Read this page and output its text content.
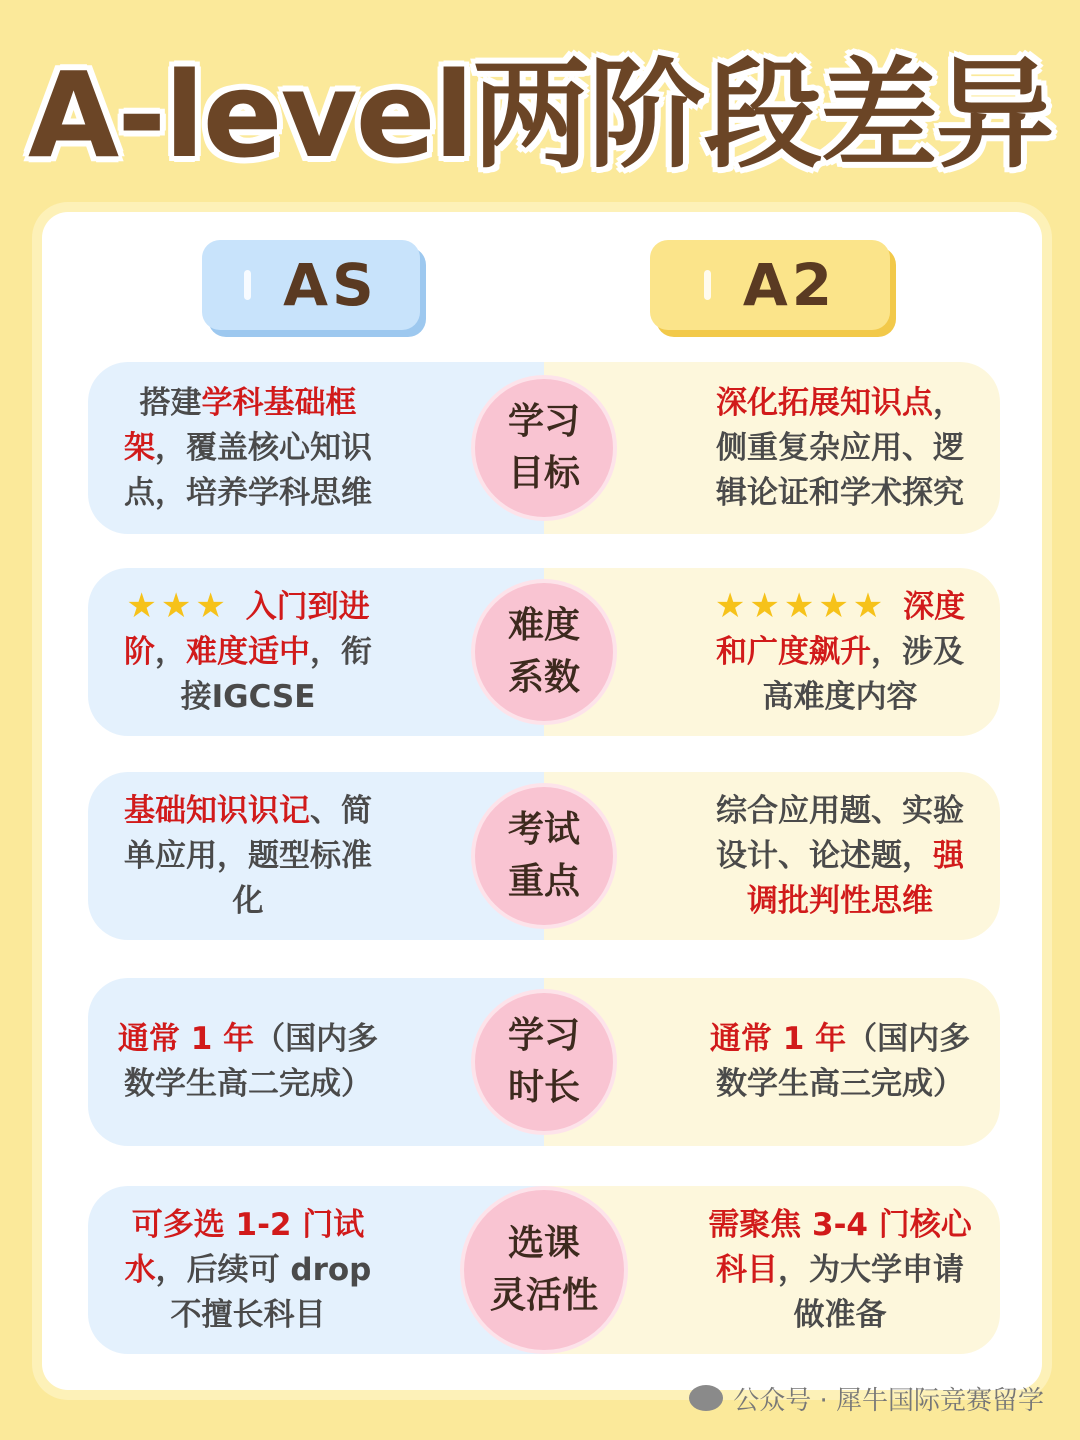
A-level两阶段差异
AS	A2
搭建学科基础框架，覆盖核心知识点，培养学科思维
深化拓展知识点，侧重复杂应用、逻辑论证和学术探究
学习
目标
★★★ 入门到进阶，难度适中，衔接IGCSE
★★★★★ 深度和广度飙升，涉及高难度内容
难度
系数
基础知识识记、简单应用，题型标准化
综合应用题、实验设计、论述题，强调批判性思维
考试
重点
通常 1 年（国内多数学生高二完成）
通常 1 年（国内多数学生高三完成）
学习
时长
可多选 1-2 门试水，后续可 drop 不擅长科目
需聚焦 3-4 门核心科目，为大学申请做准备
选课
灵活性
公众号 · 犀牛国际竞赛留学
